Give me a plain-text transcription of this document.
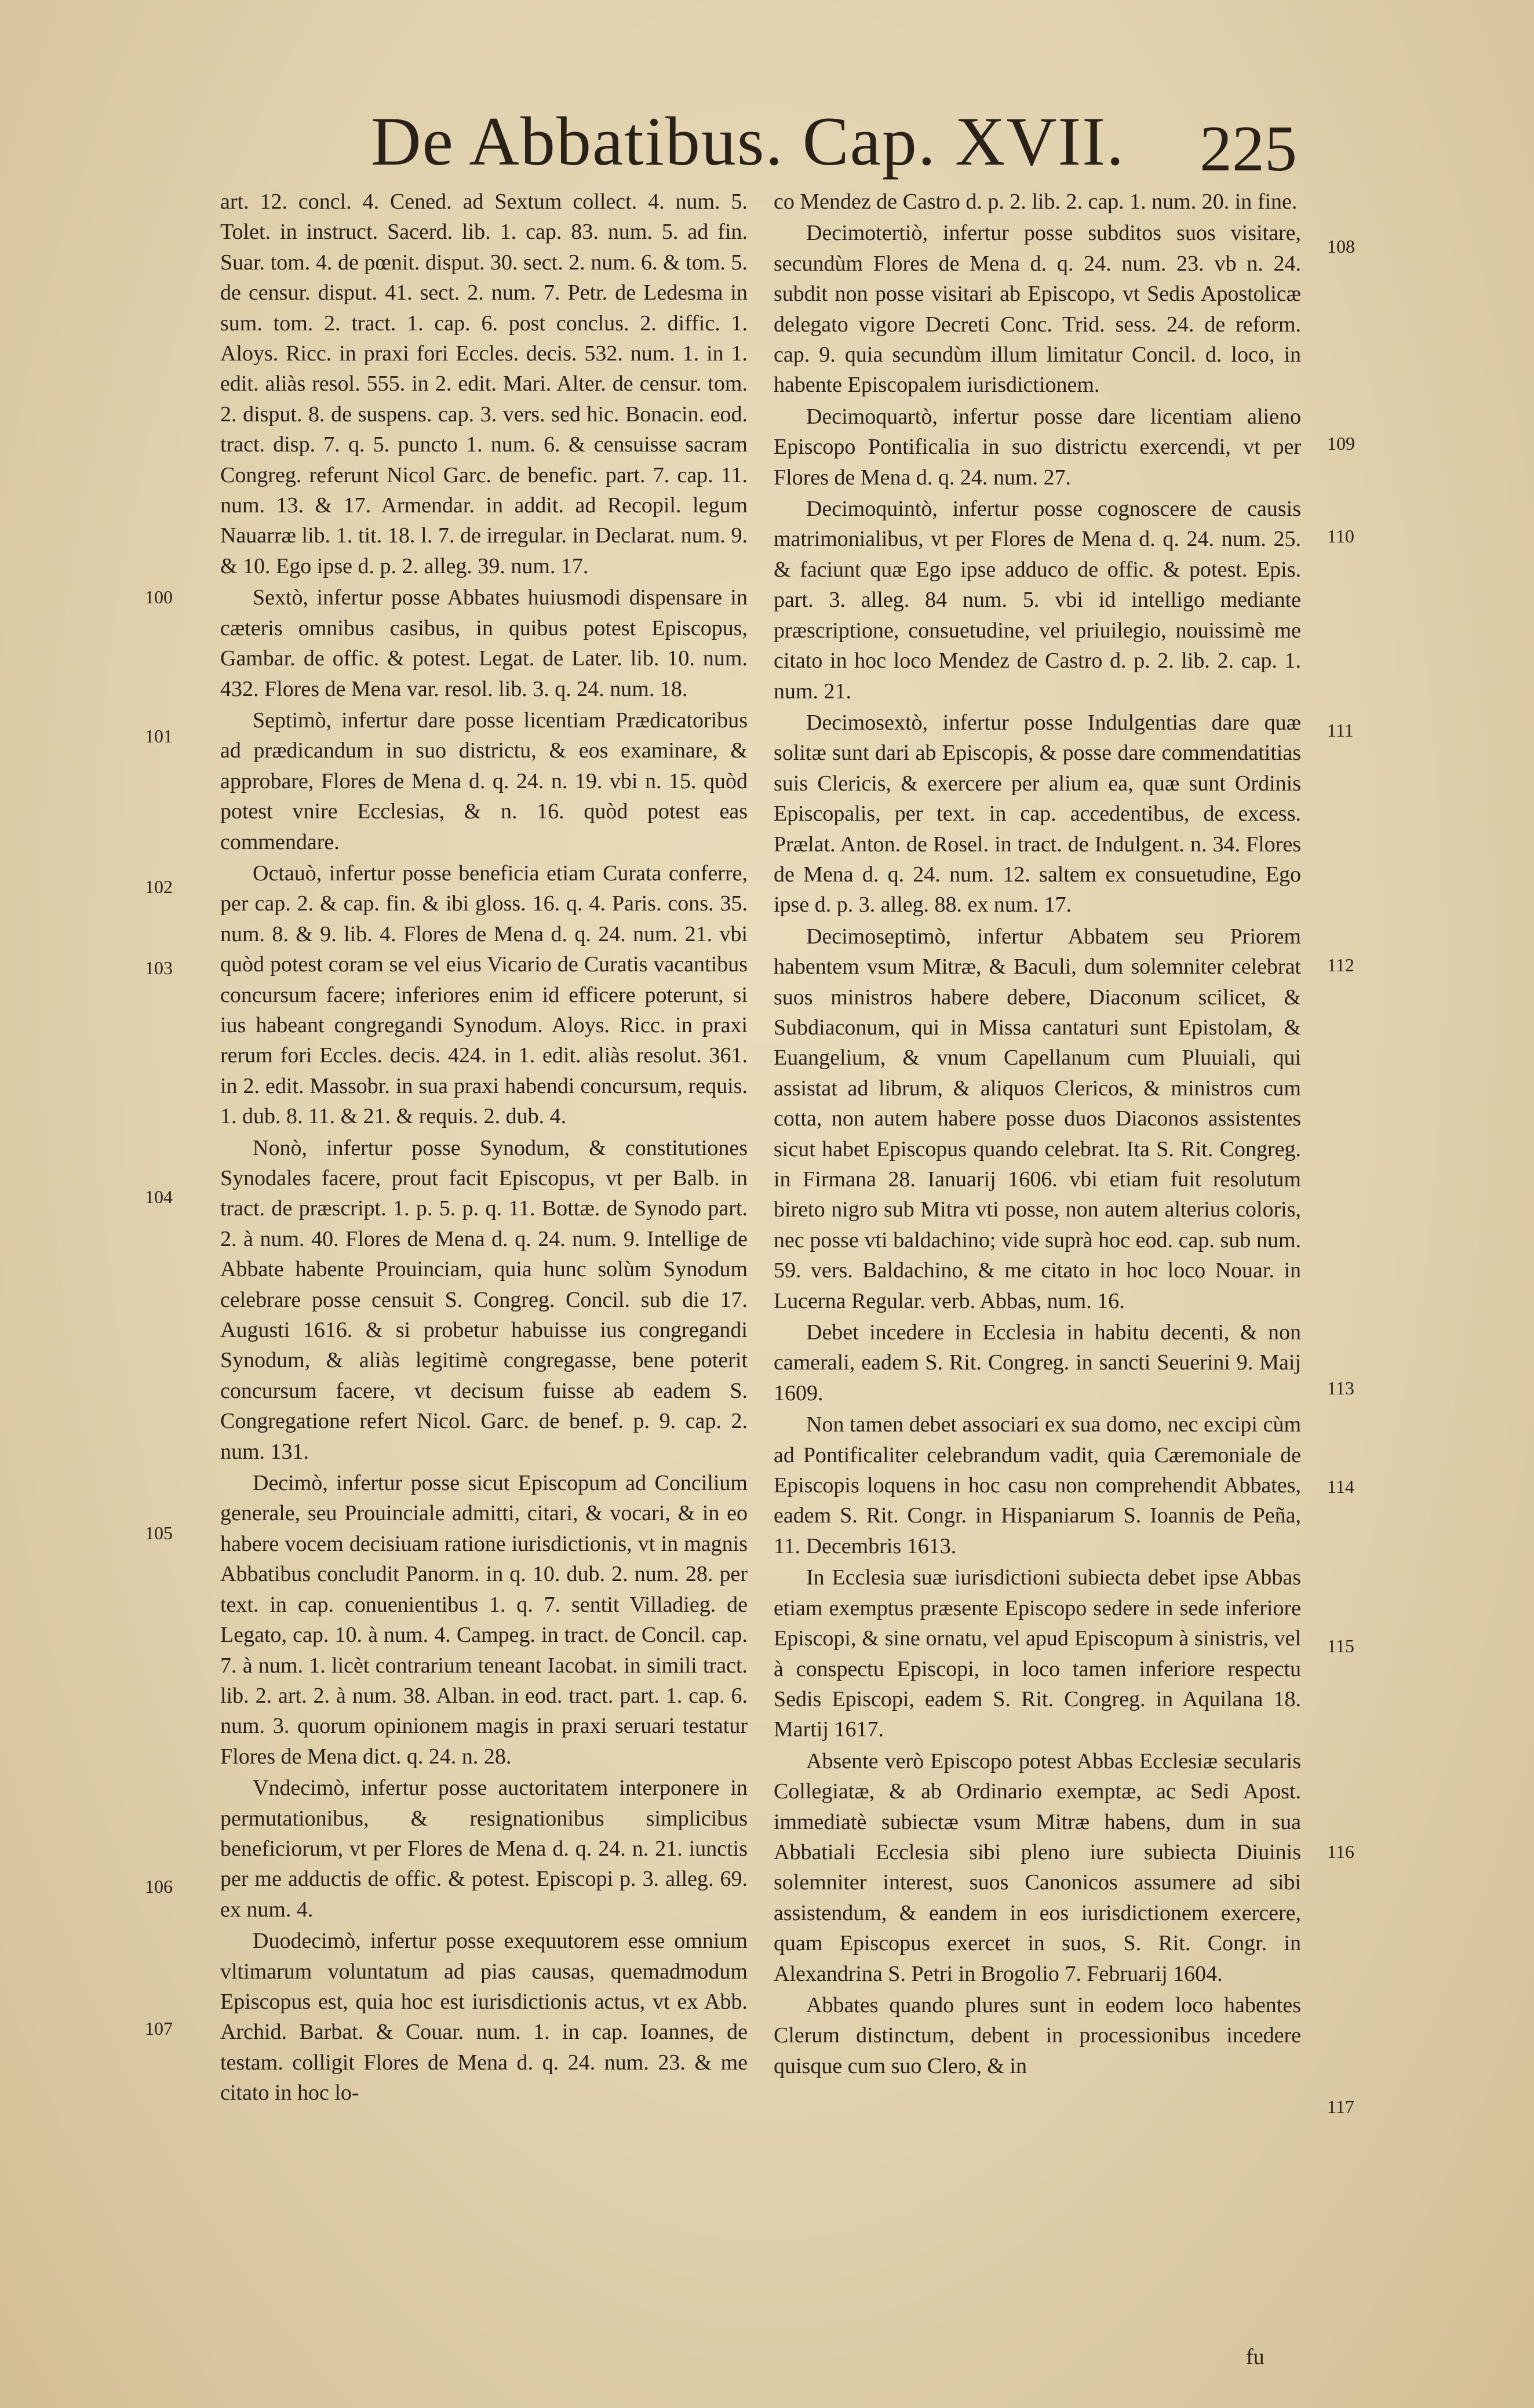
De Abbatibus. Cap. XVII. 225

art. 12. concl. 4. Cened. ad Sextum collect. 4. num. 5. Tolet. in instruct. Sacerd. lib. 1. cap. 83. num. 5. ad fin. Suar. tom. 4. de pœnit. disput. 30. sect. 2. num. 6. & tom. 5. de censur. disput. 41. sect. 2. num. 7. Petr. de Ledesma in sum. tom. 2. tract. 1. cap. 6. post conclus. 2. diffic. 1. Aloys. Ricc. in praxi fori Eccles. decis. 532. num. 1. in 1. edit. aliàs resol. 555. in 2. edit. Mari. Alter. de censur. tom. 2. disput. 8. de suspens. cap. 3. vers. sed hic. Bonacin. eod. tract. disp. 7. q. 5. puncto 1. num. 6. & censuisse sacram Congreg. referunt Nicol Garc. de benefic. part. 7. cap. 11. num. 13. & 17. Armendar. in addit. ad Recopil. legum Nauarræ lib. 1. tit. 18. l. 7. de irregular. in Declarat. num. 9. & 10. Ego ipse d. p. 2. alleg. 39. num. 17.

Sextò, infertur posse Abbates huiusmodi dispensare in cæteris omnibus casibus, in quibus potest Episcopus, Gambar. de offic. & potest. Legat. de Later. lib. 10. num. 432. Flores de Mena var. resol. lib. 3. q. 24. num. 18.

Septimò, infertur dare posse licentiam Prædicatoribus ad prædicandum in suo districtu, & eos examinare, & approbare, Flores de Mena d. q. 24. n. 19. vbi n. 15. quòd potest vnire Ecclesias, & n. 16. quòd potest eas commendare.

Octauò, infertur posse beneficia etiam Curata conferre, per cap. 2. & cap. fin. & ibi gloss. 16. q. 4. Paris. cons. 35. num. 8. & 9. lib. 4. Flores de Mena d. q. 24. num. 21. vbi quòd potest coram se vel eius Vicario de Curatis vacantibus concursum facere; inferiores enim id efficere poterunt, si ius habeant congregandi Synodum. Aloys. Ricc. in praxi rerum fori Eccles. decis. 424. in 1. edit. aliàs resolut. 361. in 2. edit. Massobr. in sua praxi habendi concursum, requis. 1. dub. 8. 11. & 21. & requis. 2. dub. 4.

Nonò, infertur posse Synodum, & constitutiones Synodales facere, prout facit Episcopus, vt per Balb. in tract. de præscript. 1. p. 5. p. q. 11. Bottæ. de Synodo part. 2. à num. 40. Flores de Mena d. q. 24. num. 9. Intellige de Abbate habente Prouinciam, quia hunc solùm Synodum celebrare posse censuit S. Congreg. Concil. sub die 17. Augusti 1616. & si probetur habuisse ius congregandi Synodum, & aliàs legitimè congregasse, bene poterit concursum facere, vt decisum fuisse ab eadem S. Congregatione refert Nicol. Garc. de benef. p. 9. cap. 2. num. 131.

Decimò, infertur posse sicut Episcopum ad Concilium generale, seu Prouinciale admitti, citari, & vocari, & in eo habere vocem decisiuam ratione iurisdictionis, vt in magnis Abbatibus concludit Panorm. in q. 10. dub. 2. num. 28. per text. in cap. conuenientibus 1. q. 7. sentit Villadieg. de Legato, cap. 10. à num. 4. Campeg. in tract. de Concil. cap. 7. à num. 1. licèt contrarium teneant Iacobat. in simili tract. lib. 2. art. 2. à num. 38. Alban. in eod. tract. part. 1. cap. 6. num. 3. quorum opinionem magis in praxi seruari testatur Flores de Mena dict. q. 24. n. 28.

Vndecimò, infertur posse auctoritatem interponere in permutationibus, & resignationibus simplicibus beneficiorum, vt per Flores de Mena d. q. 24. n. 21. iunctis per me adductis de offic. & potest. Episcopi p. 3. alleg. 69. ex num. 4.

Duodecimò, infertur posse exequutorem esse omnium vltimarum voluntatum ad pias causas, quemadmodum Episcopus est, quia hoc est iurisdictionis actus, vt ex Abb. Archid. Barbat. & Couar. num. 1. in cap. Ioannes, de testam. colligit Flores de Mena d. q. 24. num. 23. & me citato in hoc lo-

co Mendez de Castro d. p. 2. lib. 2. cap. 1. num. 20. in fine.

Decimotertiò, infertur posse subditos suos visitare, secundùm Flores de Mena d. q. 24. num. 23. vb n. 24. subdit non posse visitari ab Episcopo, vt Sedis Apostolicæ delegato vigore Decreti Conc. Trid. sess. 24. de reform. cap. 9. quia secundùm illum limitatur Concil. d. loco, in habente Episcopalem iurisdictionem.

Decimoquartò, infertur posse dare licentiam alieno Episcopo Pontificalia in suo districtu exercendi, vt per Flores de Mena d. q. 24. num. 27.

Decimoquintò, infertur posse cognoscere de causis matrimonialibus, vt per Flores de Mena d. q. 24. num. 25. & faciunt quæ Ego ipse adduco de offic. & potest. Epis. part. 3. alleg. 84 num. 5. vbi id intelligo mediante præscriptione, consuetudine, vel priuilegio, nouissimè me citato in hoc loco Mendez de Castro d. p. 2. lib. 2. cap. 1. num. 21.

Decimosextò, infertur posse Indulgentias dare quæ solitæ sunt dari ab Episcopis, & posse dare commendatitias suis Clericis, & exercere per alium ea, quæ sunt Ordinis Episcopalis, per text. in cap. accedentibus, de excess. Prælat. Anton. de Rosel. in tract. de Indulgent. n. 34. Flores de Mena d. q. 24. num. 12. saltem ex consuetudine, Ego ipse d. p. 3. alleg. 88. ex num. 17.

Decimoseptimò, infertur Abbatem seu Priorem habentem vsum Mitræ, & Baculi, dum solemniter celebrat suos ministros habere debere, Diaconum scilicet, & Subdiaconum, qui in Missa cantaturi sunt Epistolam, & Euangelium, & vnum Capellanum cum Pluuiali, qui assistat ad librum, & aliquos Clericos, & ministros cum cotta, non autem habere posse duos Diaconos assistentes sicut habet Episcopus quando celebrat. Ita S. Rit. Congreg. in Firmana 28. Ianuarij 1606. vbi etiam fuit resolutum bireto nigro sub Mitra vti posse, non autem alterius coloris, nec posse vti baldachino; vide suprà hoc eod. cap. sub num. 59. vers. Baldachino, & me citato in hoc loco Nouar. in Lucerna Regular. verb. Abbas, num. 16.

Debet incedere in Ecclesia in habitu decenti, & non camerali, eadem S. Rit. Congreg. in sancti Seuerini 9. Maij 1609.

Non tamen debet associari ex sua domo, nec excipi cùm ad Pontificaliter celebrandum vadit, quia Cæremoniale de Episcopis loquens in hoc casu non comprehendit Abbates, eadem S. Rit. Congr. in Hispaniarum S. Ioannis de Peña, 11. Decembris 1613.

In Ecclesia suæ iurisdictioni subiecta debet ipse Abbas etiam exemptus præsente Episcopo sedere in sede inferiore Episcopi, & sine ornatu, vel apud Episcopum à sinistris, vel à conspectu Episcopi, in loco tamen inferiore respectu Sedis Episcopi, eadem S. Rit. Congreg. in Aquilana 18. Martij 1617.

Absente verò Episcopo potest Abbas Ecclesiæ secularis Collegiatæ, & ab Ordinario exemptæ, ac Sedi Apost. immediatè subiectæ vsum Mitræ habens, dum in sua Abbatiali Ecclesia sibi pleno iure subiecta Diuinis solemniter interest, suos Canonicos assumere ad sibi assistendum, & eandem in eos iurisdictionem exercere, quam Episcopus exercet in suos, S. Rit. Congr. in Alexandrina S. Petri in Brogolio 7. Februarij 1604.

Abbates quando plures sunt in eodem loco habentes Clerum distinctum, debent in processionibus incedere quisque cum suo Clero, & in

100
101
102
103
104
105
106
107
108
109
110
111
112
113
114
115
116
117
fu
